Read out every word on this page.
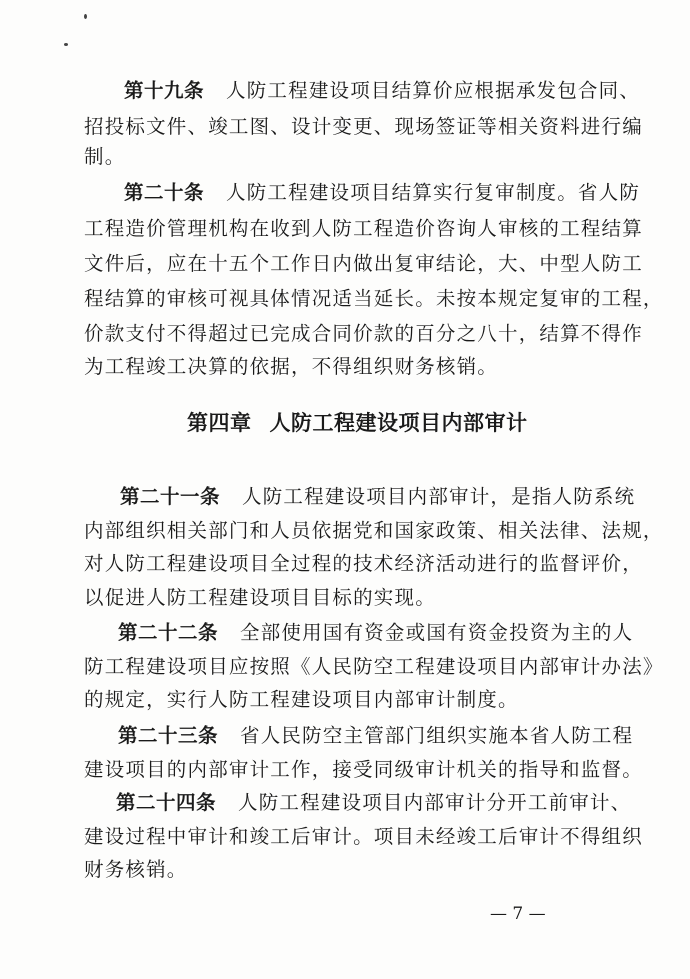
第十九条 人防工程建设项目结算价应根据承发包合同、
招投标文件、竣工图、设计变更、现场签证等相关资料进行编
制。
第二十条 人防工程建设项目结算实行复审制度。省人防
工程造价管理机构在收到人防工程造价咨询人审核的工程结算
文件后，应在十五个工作日内做出复审结论，大、中型人防工
程结算的审核可视具体情况适当延长。未按本规定复审的工程，
价款支付不得超过已完成合同价款的百分之八十，结算不得作
为工程竣工决算的依据，不得组织财务核销。
第四章 人防工程建设项目内部审计
第二十一条 人防工程建设项目内部审计，是指人防系统
内部组织相关部门和人员依据党和国家政策、相关法律、法规，
对人防工程建设项目全过程的技术经济活动进行的监督评价，
以促进人防工程建设项目目标的实现。
第二十二条 全部使用国有资金或国有资金投资为主的人
防工程建设项目应按照《人民防空工程建设项目内部审计办法》
的规定，实行人防工程建设项目内部审计制度。
第二十三条 省人民防空主管部门组织实施本省人防工程
建设项目的内部审计工作，接受同级审计机关的指导和监督。
第二十四条 人防工程建设项目内部审计分开工前审计、
建设过程中审计和竣工后审计。项目未经竣工后审计不得组织
财务核销。
— 7 —
